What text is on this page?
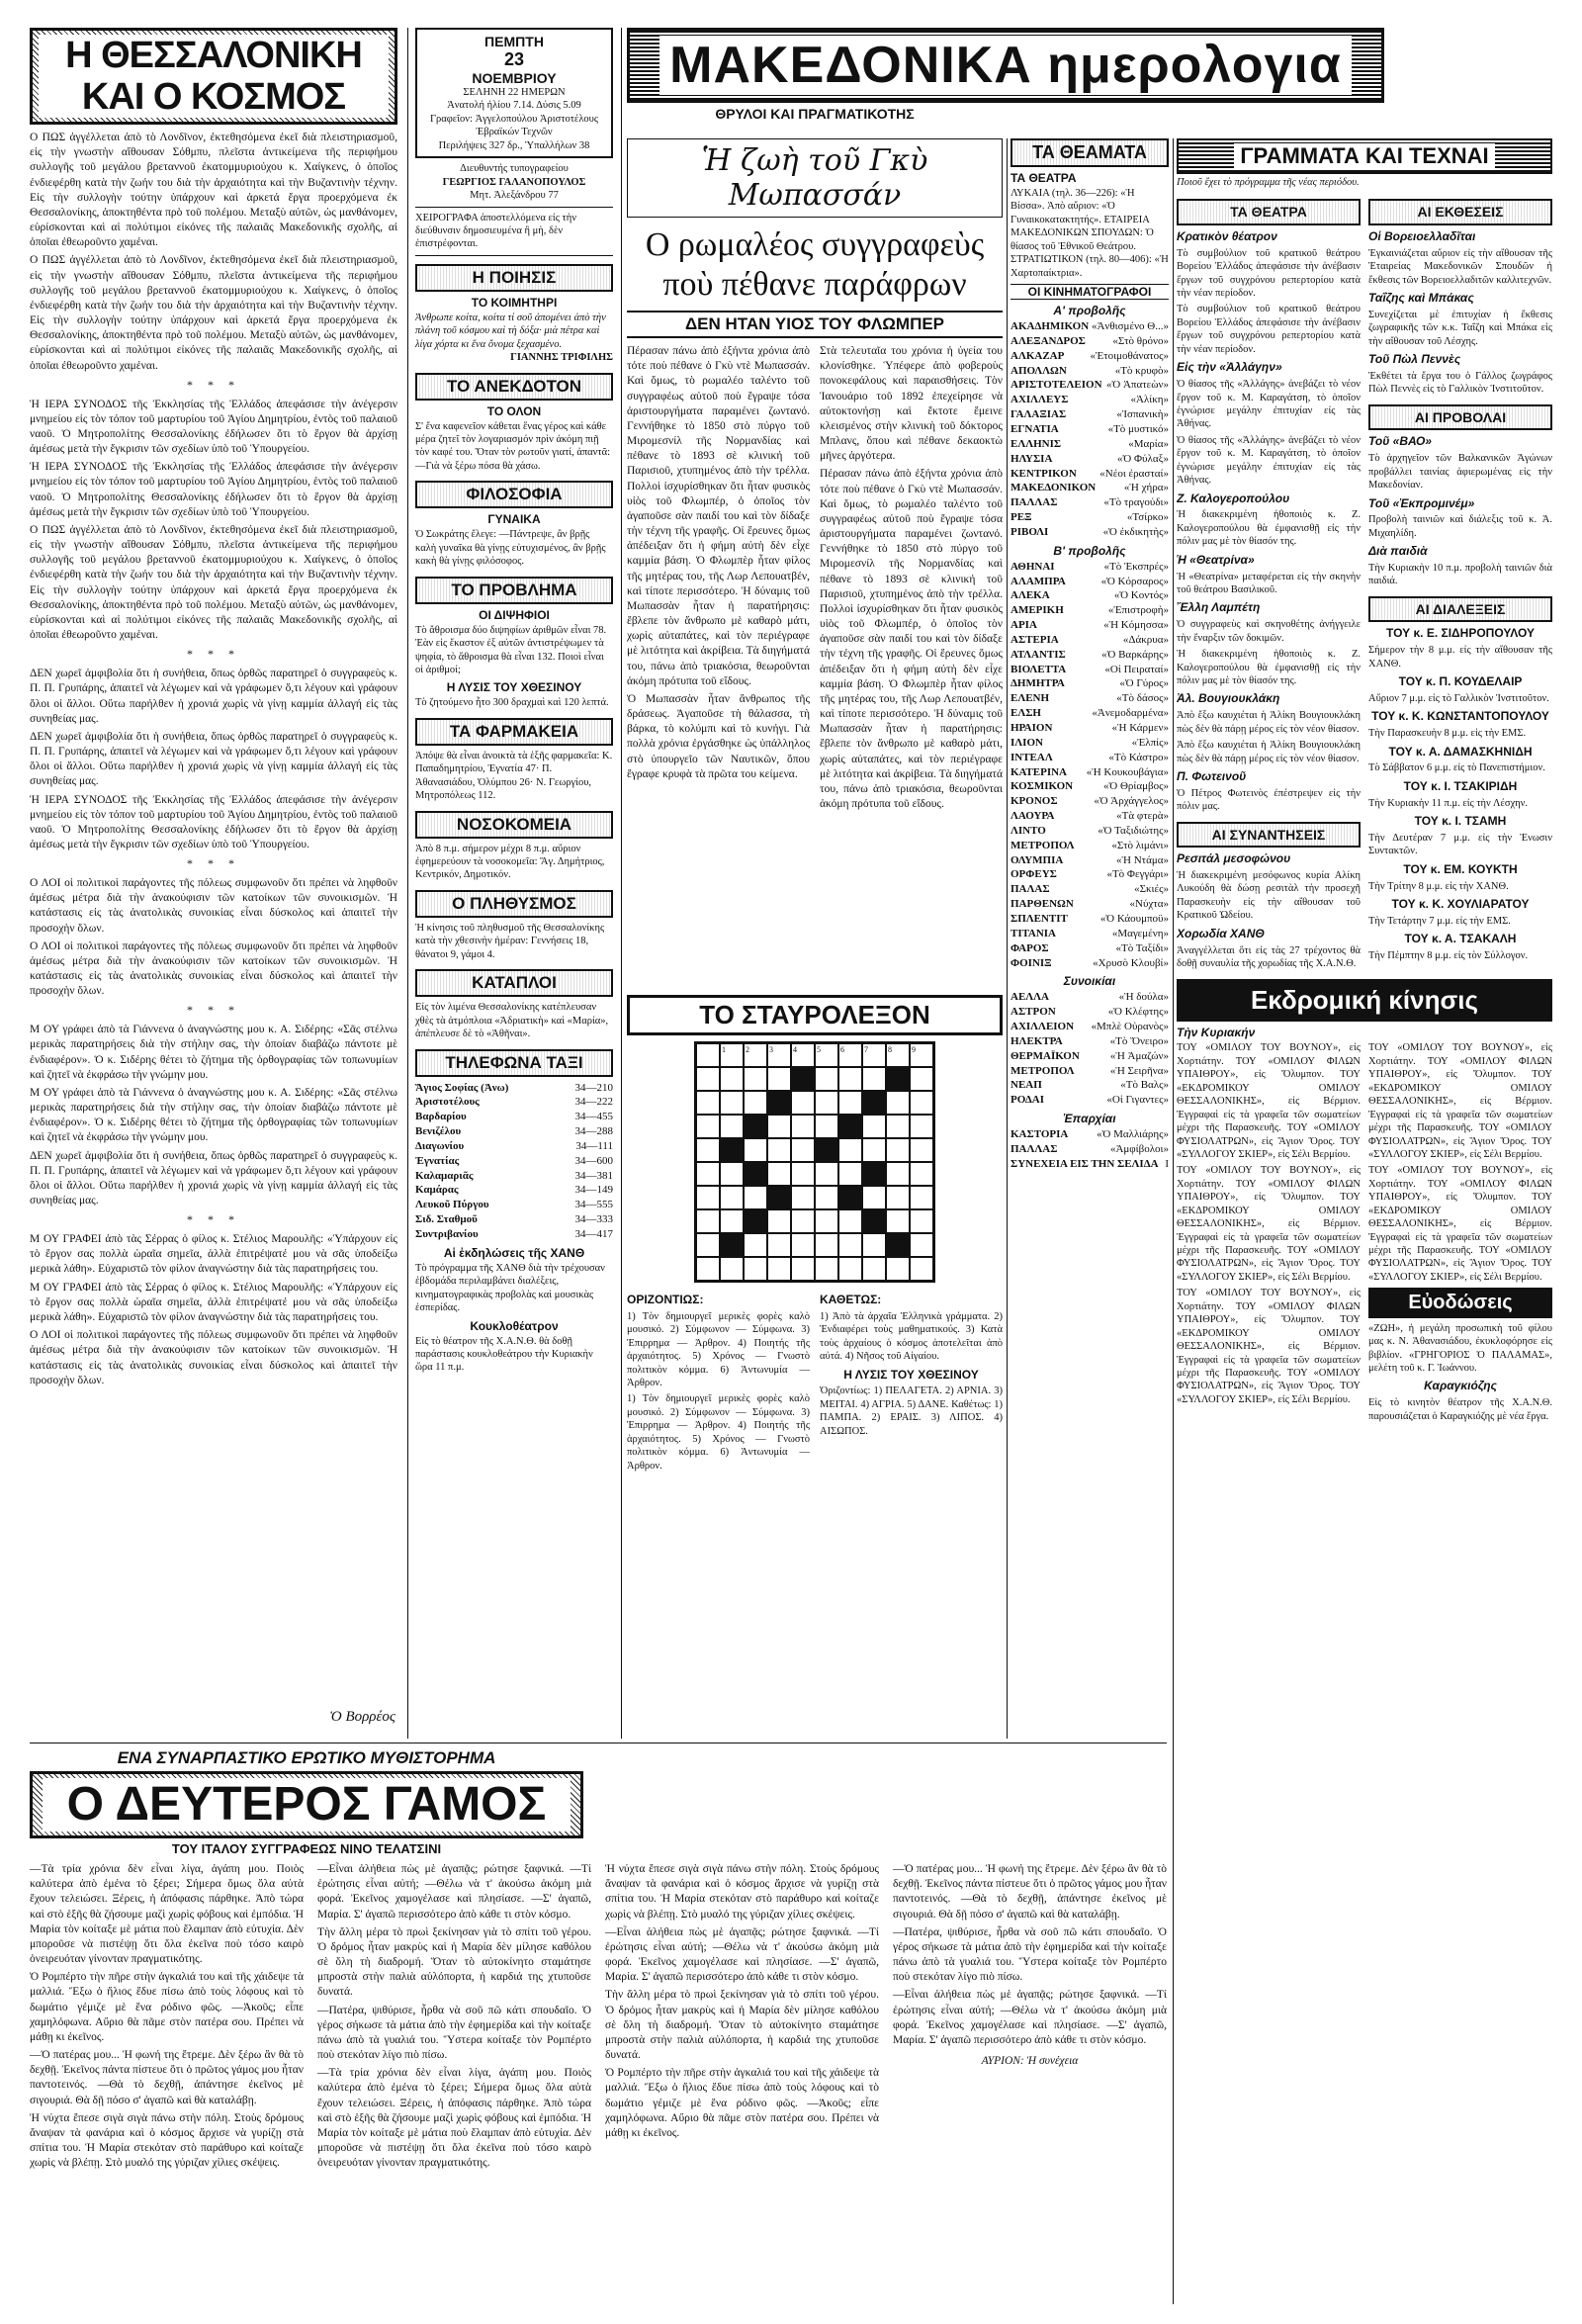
Η ΘΕΣΣΑΛΟΝΙΚΗ
ΚΑΙ Ο ΚΟΣΜΟΣ

Ο ΠΩΣ ἀγγέλλεται ἀπὸ τὸ Λονδῖνον, ἐκτεθησόμενα ἐκεῖ διὰ πλειστηριασμοῦ, εἰς τὴν γνωστὴν αἴθουσαν Σόθμπυ, πλεῖστα ἀντικείμενα τῆς περιφήμου συλλογῆς τοῦ μεγάλου βρεταννοῦ ἐκατομμυριούχου κ. Χαίγκενς, ὁ ὁποῖος ἐνδιεφέρθη κατὰ τὴν ζωήν του διὰ τὴν ἀρχαιότητα καὶ τὴν Βυζαντινὴν τέχνην. Εἰς τὴν συλλογὴν τούτην ὑπάρχουν καὶ ἀρκετά ἔργα προερχόμενα ἐκ Θεσσαλονίκης, ἀποκτηθέντα πρὸ τοῦ πολέμου. Μεταξὺ αὐτῶν, ὡς μανθάνομεν, εὑρίσκονται καὶ αἱ πολύτιμοι εἰκόνες τῆς παλαιᾶς Μακεδονικῆς σχολῆς, αἱ ὁποῖαι ἐθεωροῦντο χαμέναι.

Ο ΠΩΣ ἀγγέλλεται ἀπὸ τὸ Λονδῖνον, ἐκτεθησόμενα ἐκεῖ διὰ πλειστηριασμοῦ, εἰς τὴν γνωστὴν αἴθουσαν Σόθμπυ, πλεῖστα ἀντικείμενα τῆς περιφήμου συλλογῆς τοῦ μεγάλου βρεταννοῦ ἐκατομμυριούχου κ. Χαίγκενς, ὁ ὁποῖος ἐνδιεφέρθη κατὰ τὴν ζωήν του διὰ τὴν ἀρχαιότητα καὶ τὴν Βυζαντινὴν τέχνην. Εἰς τὴν συλλογὴν τούτην ὑπάρχουν καὶ ἀρκετά ἔργα προερχόμενα ἐκ Θεσσαλονίκης, ἀποκτηθέντα πρὸ τοῦ πολέμου. Μεταξὺ αὐτῶν, ὡς μανθάνομεν, εὑρίσκονται καὶ αἱ πολύτιμοι εἰκόνες τῆς παλαιᾶς Μακεδονικῆς σχολῆς, αἱ ὁποῖαι ἐθεωροῦντο χαμέναι.

* * *

Ἡ ΙΕΡΑ ΣΥΝΟΔΟΣ τῆς Ἐκκλησίας τῆς Ἑλλάδος ἀπεφάσισε τὴν ἀνέγερσιν μνημείου εἰς τὸν τόπον τοῦ μαρτυρίου τοῦ Ἁγίου Δημητρίου, ἐντὸς τοῦ παλαιοῦ ναοῦ. Ὁ Μητροπολίτης Θεσσαλονίκης ἐδήλωσεν ὅτι τὸ ἔργον θὰ ἀρχίσῃ ἀμέσως μετὰ τὴν ἔγκρισιν τῶν σχεδίων ὑπὸ τοῦ Ὑπουργείου.

Ἡ ΙΕΡΑ ΣΥΝΟΔΟΣ τῆς Ἐκκλησίας τῆς Ἑλλάδος ἀπεφάσισε τὴν ἀνέγερσιν μνημείου εἰς τὸν τόπον τοῦ μαρτυρίου τοῦ Ἁγίου Δημητρίου, ἐντὸς τοῦ παλαιοῦ ναοῦ. Ὁ Μητροπολίτης Θεσσαλονίκης ἐδήλωσεν ὅτι τὸ ἔργον θὰ ἀρχίσῃ ἀμέσως μετὰ τὴν ἔγκρισιν τῶν σχεδίων ὑπὸ τοῦ Ὑπουργείου.

Ο ΠΩΣ ἀγγέλλεται ἀπὸ τὸ Λονδῖνον, ἐκτεθησόμενα ἐκεῖ διὰ πλειστηριασμοῦ, εἰς τὴν γνωστὴν αἴθουσαν Σόθμπυ, πλεῖστα ἀντικείμενα τῆς περιφήμου συλλογῆς τοῦ μεγάλου βρεταννοῦ ἐκατομμυριούχου κ. Χαίγκενς, ὁ ὁποῖος ἐνδιεφέρθη κατὰ τὴν ζωήν του διὰ τὴν ἀρχαιότητα καὶ τὴν Βυζαντινὴν τέχνην. Εἰς τὴν συλλογὴν τούτην ὑπάρχουν καὶ ἀρκετά ἔργα προερχόμενα ἐκ Θεσσαλονίκης, ἀποκτηθέντα πρὸ τοῦ πολέμου. Μεταξὺ αὐτῶν, ὡς μανθάνομεν, εὑρίσκονται καὶ αἱ πολύτιμοι εἰκόνες τῆς παλαιᾶς Μακεδονικῆς σχολῆς, αἱ ὁποῖαι ἐθεωροῦντο χαμέναι.

* * *

ΔΕΝ χωρεῖ ἀμφιβολία ὅτι ἡ συνήθεια, ὅπως ὀρθῶς παρατηρεῖ ὁ συγγραφεὺς κ. Π. Π. Γρυπάρης, ἀπαιτεῖ νὰ λέγωμεν καὶ νὰ γράφωμεν ὅ,τι λέγουν καὶ γράφουν ὅλοι οἱ ἄλλοι. Οὕτω παρήλθεν ἡ χρονιά χωρὶς νὰ γίνῃ καμμία ἀλλαγή εἰς τὰς συνηθείας μας.

ΔΕΝ χωρεῖ ἀμφιβολία ὅτι ἡ συνήθεια, ὅπως ὀρθῶς παρατηρεῖ ὁ συγγραφεὺς κ. Π. Π. Γρυπάρης, ἀπαιτεῖ νὰ λέγωμεν καὶ νὰ γράφωμεν ὅ,τι λέγουν καὶ γράφουν ὅλοι οἱ ἄλλοι. Οὕτω παρήλθεν ἡ χρονιά χωρὶς νὰ γίνῃ καμμία ἀλλαγή εἰς τὰς συνηθείας μας.

Ἡ ΙΕΡΑ ΣΥΝΟΔΟΣ τῆς Ἐκκλησίας τῆς Ἑλλάδος ἀπεφάσισε τὴν ἀνέγερσιν μνημείου εἰς τὸν τόπον τοῦ μαρτυρίου τοῦ Ἁγίου Δημητρίου, ἐντὸς τοῦ παλαιοῦ ναοῦ. Ὁ Μητροπολίτης Θεσσαλονίκης ἐδήλωσεν ὅτι τὸ ἔργον θὰ ἀρχίσῃ ἀμέσως μετὰ τὴν ἔγκρισιν τῶν σχεδίων ὑπὸ τοῦ Ὑπουργείου.

* * *

Ο ΛΟΙ οἱ πολιτικοὶ παράγοντες τῆς πόλεως συμφωνοῦν ὅτι πρέπει νὰ ληφθοῦν ἀμέσως μέτρα διὰ τὴν ἀνακούφισιν τῶν κατοίκων τῶν συνοικισμῶν. Ἡ κατάστασις εἰς τὰς ἀνατολικὰς συνοικίας εἶναι δύσκολος καὶ ἀπαιτεῖ τὴν προσοχὴν ὅλων.

Ο ΛΟΙ οἱ πολιτικοὶ παράγοντες τῆς πόλεως συμφωνοῦν ὅτι πρέπει νὰ ληφθοῦν ἀμέσως μέτρα διὰ τὴν ἀνακούφισιν τῶν κατοίκων τῶν συνοικισμῶν. Ἡ κατάστασις εἰς τὰς ἀνατολικὰς συνοικίας εἶναι δύσκολος καὶ ἀπαιτεῖ τὴν προσοχὴν ὅλων.

* * *

Μ ΟΥ γράφει ἀπὸ τὰ Γιάννενα ὁ ἀναγνώστης μου κ. Α. Σιδέρης: «Σᾶς στέλνω μερικὰς παρατηρήσεις διὰ τὴν στήλην σας, τὴν ὁποίαν διαβάζω πάντοτε μὲ ἐνδιαφέρον». Ὁ κ. Σιδέρης θέτει τὸ ζήτημα τῆς ὀρθογραφίας τῶν τοπωνυμίων καὶ ζητεῖ νὰ ἐκφράσω τὴν γνώμην μου.

Μ ΟΥ γράφει ἀπὸ τὰ Γιάννενα ὁ ἀναγνώστης μου κ. Α. Σιδέρης: «Σᾶς στέλνω μερικὰς παρατηρήσεις διὰ τὴν στήλην σας, τὴν ὁποίαν διαβάζω πάντοτε μὲ ἐνδιαφέρον». Ὁ κ. Σιδέρης θέτει τὸ ζήτημα τῆς ὀρθογραφίας τῶν τοπωνυμίων καὶ ζητεῖ νὰ ἐκφράσω τὴν γνώμην μου.

ΔΕΝ χωρεῖ ἀμφιβολία ὅτι ἡ συνήθεια, ὅπως ὀρθῶς παρατηρεῖ ὁ συγγραφεὺς κ. Π. Π. Γρυπάρης, ἀπαιτεῖ νὰ λέγωμεν καὶ νὰ γράφωμεν ὅ,τι λέγουν καὶ γράφουν ὅλοι οἱ ἄλλοι. Οὕτω παρήλθεν ἡ χρονιά χωρὶς νὰ γίνῃ καμμία ἀλλαγή εἰς τὰς συνηθείας μας.

* * *

Μ ΟΥ ΓΡΑΦΕΙ ἀπὸ τὰς Σέρρας ὁ φίλος κ. Στέλιος Μαρουλῆς: «Ὑπάρχουν εἰς τὸ ἔργον σας πολλὰ ὡραῖα σημεῖα, ἀλλὰ ἐπιτρέψατέ μου νὰ σᾶς ὑποδείξω μερικὰ λάθη». Εὐχαριστῶ τὸν φίλον ἀναγνώστην διὰ τὰς παρατηρήσεις του.

Μ ΟΥ ΓΡΑΦΕΙ ἀπὸ τὰς Σέρρας ὁ φίλος κ. Στέλιος Μαρουλῆς: «Ὑπάρχουν εἰς τὸ ἔργον σας πολλὰ ὡραῖα σημεῖα, ἀλλὰ ἐπιτρέψατέ μου νὰ σᾶς ὑποδείξω μερικὰ λάθη». Εὐχαριστῶ τὸν φίλον ἀναγνώστην διὰ τὰς παρατηρήσεις του.

Ο ΛΟΙ οἱ πολιτικοὶ παράγοντες τῆς πόλεως συμφωνοῦν ὅτι πρέπει νὰ ληφθοῦν ἀμέσως μέτρα διὰ τὴν ἀνακούφισιν τῶν κατοίκων τῶν συνοικισμῶν. Ἡ κατάστασις εἰς τὰς ἀνατολικὰς συνοικίας εἶναι δύσκολος καὶ ἀπαιτεῖ τὴν προσοχὴν ὅλων.

Ὁ Βορρέος
ΠΕΜΠΤΗ
23
ΝΟΕΜΒΡΙΟΥ
ΣΕΛΗΝΗ 22 ΗΜΕΡΩΝ
Ἀνατολή ἡλίου 7.14. Δύσις 5.09
Γραφεῖον: Ἀγγελοπούλου Ἀριστοτέλους Ἑβραϊκών Τεχνῶν
Περιλήψεις 327 δρ., Ὑπαλλήλων 38
Διευθυντής τυπογραφείου
ΓΕΩΡΓΙΟΣ ΓΑΛΑΝΟΠΟΥΛΟΣ
Μητ. Ἀλεξάνδρου 77
ΧΕΙΡΟΓΡΑΦΑ ἀποστελλόμενα εἰς τὴν διεύθυνσιν δημοσιευμένα ἢ μὴ, δὲν ἐπιστρέφονται.
Η ΠΟΙΗΣΙΣ
ΤΟ ΚΟΙΜΗΤΗΡΙ
Ἀνθρωπε κοίτα, κοίτα τί σοῦ ἀπομένει ἀπὸ τὴν πλάνη τοῦ κόσμου καὶ τὴ δόξα· μιὰ πέτρα καὶ λίγα χόρτα κι ἕνα ὄνομα ξεχασμένο.
ΓΙΑΝΝΗΣ ΤΡΙΦΙΛΗΣ
ΤΟ ΑΝΕΚΔΟΤΟΝ
ΤΟ ΟΛΟΝ
Σ' ἕνα καφενεῖον κάθεται ἕνας γέρος καὶ κάθε μέρα ζητεῖ τὸν λογαριασμόν πρὶν ἀκόμη πιῇ τὸν καφέ του. Ὅταν τὸν ρωτοῦν γιατί, ἀπαντᾶ: —Γιὰ νὰ ξέρω πόσα θὰ χάσω.
ΦΙΛΟΣΟΦΙΑ
ΓΥΝΑΙΚΑ
Ὁ Σωκράτης ἔλεγε: —Πάντρεψε, ἂν βρῇς καλὴ γυναῖκα θὰ γίνῃς εὐτυχισμένος, ἂν βρῇς κακὴ θὰ γίνῃς φιλόσοφος.
ΤΟ ΠΡΟΒΛΗΜΑ
ΟΙ ΔΙΨΗΦΙΟΙ
Τὸ ἄθροισμα δύο διψηφίων ἀριθμῶν εἶναι 78. Ἐὰν εἰς ἕκαστον ἐξ αὐτῶν ἀντιστρέψωμεν τὰ ψηφία, τὸ ἄθροισμα θὰ εἶναι 132. Ποιοὶ εἶναι οἱ ἀριθμοί;
Η ΛΥΣΙΣ ΤΟΥ ΧΘΕΣΙΝΟΥ
Τὸ ζητούμενο ἦτο 300 δραχμαὶ καὶ 120 λεπτά.
ΤΑ ΦΑΡΜΑΚΕΙΑ
Ἀπόψε θὰ εἶναι ἀνοικτὰ τὰ ἑξῆς φαρμακεῖα: Κ. Παπαδημητρίου, Ἐγνατία 47· Π. Ἀθανασιάδου, Ὀλύμπου 26· Ν. Γεωργίου, Μητροπόλεως 112.
ΝΟΣΟΚΟΜΕΙΑ
Ἀπὸ 8 π.μ. σήμερον μέχρι 8 π.μ. αὔριον ἐφημερεύουν τὰ νοσοκομεῖα: Ἅγ. Δημήτριος, Κεντρικόν, Δημοτικόν.
Ο ΠΛΗΘΥΣΜΟΣ
Ἡ κίνησις τοῦ πληθυσμοῦ τῆς Θεσσαλονίκης κατὰ τὴν χθεσινὴν ἡμέραν: Γεννήσεις 18, θάνατοι 9, γάμοι 4.
ΚΑΤΑΠΛΟΙ
Εἰς τὸν λιμένα Θεσσαλονίκης κατέπλευσαν χθὲς τὰ ἀτμόπλοια «Ἀδριατικὴ» καὶ «Μαρία», ἀπέπλευσε δὲ τὸ «Ἀθῆναι».
ΤΗΛΕΦΩΝΑ ΤΑΞΙ
Ἅγιος Σοφίας (Ἀνω)	34—210
Ἀριστοτέλους	34—222
Βαρδαρίου	34—455
Βενιζέλου	34—288
Διαγωνίου	34—111
Ἐγνατίας	34—600
Καλαμαριᾶς	34—381
Καμάρας	34—149
Λευκοῦ Πύργου	34—555
Σιδ. Σταθμοῦ	34—333
Συντριβανίου	34—417
Αἱ ἐκδηλώσεις τῆς ΧΑΝΘ
Τὸ πρόγραμμα τῆς ΧΑΝΘ διὰ τὴν τρέχουσαν ἑβδομάδα περιλαμβάνει διαλέξεις, κινηματογραφικὰς προβολὰς καὶ μουσικὰς ἑσπερίδας.
Κουκλοθέατρον
Εἰς τὸ θέατρον τῆς Χ.Α.Ν.Θ. θὰ δοθῇ παράστασις κουκλοθεάτρου τὴν Κυριακὴν ὥρα 11 π.μ.
ΜΑΚΕΔΟΝΙΚΑ ημερολογια
ΘΡΥΛΟΙ ΚΑΙ ΠΡΑΓΜΑΤΙΚΟΤΗΣ
Ἡ ζωὴ τοῦ Γκὺ Μωπασσάν
Ο ρωμαλέος συγγραφεὺς
ποὺ πέθανε παράφρων
ΔΕΝ ΗΤΑΝ ΥΙΟΣ ΤΟΥ ΦΛΩΜΠΕΡ

Πέρασαν πάνω ἀπὸ ἑξήντα χρόνια ἀπὸ τότε ποὺ πέθανε ὁ Γκὺ ντὲ Μωπασσάν. Καὶ ὅμως, τὸ ρωμαλέο ταλέντο τοῦ συγγραφέως αὐτοῦ ποὺ ἔγραψε τόσα ἀριστουργήματα παραμένει ζωντανό. Γεννήθηκε τὸ 1850 στὸ πύργο τοῦ Μιρομεσνίλ τῆς Νορμανδίας καὶ πέθανε τὸ 1893 σὲ κλινική τοῦ Παρισιοῦ, χτυπημένος ἀπὸ τὴν τρέλλα. Πολλοὶ ἰσχυρίσθηκαν ὅτι ἦταν φυσικὸς υἱὸς τοῦ Φλωμπέρ, ὁ ὁποῖος τὸν ἀγαποῦσε σὰν παιδί του καὶ τὸν δίδαξε τὴν τέχνη τῆς γραφῆς. Οἱ ἔρευνες ὅμως ἀπέδειξαν ὅτι ἡ φήμη αὐτὴ δὲν εἶχε καμμία βάση. Ὁ Φλωμπὲρ ἦταν φίλος τῆς μητέρας του, τῆς Λωρ Λεπουατβέν, καὶ τίποτε περισσότερο. Ἡ δύναμις τοῦ Μωπασσὰν ἦταν ἡ παρατήρησις: ἔβλεπε τὸν ἄνθρωπο μὲ καθαρὸ μάτι, χωρὶς αὐταπάτες, καὶ τὸν περιέγραφε μὲ λιτότητα καὶ ἀκρίβεια. Τὰ διηγήματά του, πάνω ἀπὸ τριακόσια, θεωροῦνται ἀκόμη πρότυπα τοῦ εἴδους.

Ὁ Μωπασσὰν ἦταν ἄνθρωπος τῆς δράσεως. Ἀγαποῦσε τὴ θάλασσα, τὴ βάρκα, τὸ κολύμπι καὶ τὸ κυνήγι. Γιὰ πολλὰ χρόνια ἐργάσθηκε ὡς ὑπάλληλος στὸ ὑπουργεῖο τῶν Ναυτικῶν, ὅπου ἔγραφε κρυφὰ τὰ πρῶτα του κείμενα.

Στὰ τελευταῖα του χρόνια ἡ ὑγεία του κλονίσθηκε. Ὑπέφερε ἀπὸ φοβεροὺς πονοκεφάλους καὶ παραισθήσεις. Τὸν Ἰανουάριο τοῦ 1892 ἐπεχείρησε νὰ αὐτοκτονήσῃ καὶ ἔκτοτε ἔμεινε κλεισμένος στὴν κλινικὴ τοῦ δόκτορος Μπλανς, ὅπου καὶ πέθανε δεκαοκτὼ μῆνες ἀργότερα.

Πέρασαν πάνω ἀπὸ ἑξήντα χρόνια ἀπὸ τότε ποὺ πέθανε ὁ Γκὺ ντὲ Μωπασσάν. Καὶ ὅμως, τὸ ρωμαλέο ταλέντο τοῦ συγγραφέως αὐτοῦ ποὺ ἔγραψε τόσα ἀριστουργήματα παραμένει ζωντανό. Γεννήθηκε τὸ 1850 στὸ πύργο τοῦ Μιρομεσνίλ τῆς Νορμανδίας καὶ πέθανε τὸ 1893 σὲ κλινική τοῦ Παρισιοῦ, χτυπημένος ἀπὸ τὴν τρέλλα. Πολλοὶ ἰσχυρίσθηκαν ὅτι ἦταν φυσικὸς υἱὸς τοῦ Φλωμπέρ, ὁ ὁποῖος τὸν ἀγαποῦσε σὰν παιδί του καὶ τὸν δίδαξε τὴν τέχνη τῆς γραφῆς. Οἱ ἔρευνες ὅμως ἀπέδειξαν ὅτι ἡ φήμη αὐτὴ δὲν εἶχε καμμία βάση. Ὁ Φλωμπὲρ ἦταν φίλος τῆς μητέρας του, τῆς Λωρ Λεπουατβέν, καὶ τίποτε περισσότερο. Ἡ δύναμις τοῦ Μωπασσὰν ἦταν ἡ παρατήρησις: ἔβλεπε τὸν ἄνθρωπο μὲ καθαρὸ μάτι, χωρὶς αὐταπάτες, καὶ τὸν περιέγραφε μὲ λιτότητα καὶ ἀκρίβεια. Τὰ διηγήματά του, πάνω ἀπὸ τριακόσια, θεωροῦνται ἀκόμη πρότυπα τοῦ εἴδους.

ΤΟ ΣΤΑΥΡΟΛΕΞΟΝ
1	2	3	4	5	6	7	8	9
ΟΡΙΖΟΝΤΙΩΣ:

1) Τὸν δημιουργεῖ μερικὲς φορὲς καλὸ μουσικό. 2) Σύμφωνον — Σύμφωνα. 3) Ἐπιρρημα — Ἀρθρον. 4) Ποιητής τῆς ἀρχαιότητος. 5) Χρόνος — Γνωστὸ πολιτικὸν κόμμα. 6) Ἀντωνυμία — Ἀρθρον.

1) Τὸν δημιουργεῖ μερικὲς φορὲς καλὸ μουσικό. 2) Σύμφωνον — Σύμφωνα. 3) Ἐπιρρημα — Ἀρθρον. 4) Ποιητής τῆς ἀρχαιότητος. 5) Χρόνος — Γνωστὸ πολιτικὸν κόμμα. 6) Ἀντωνυμία — Ἀρθρον.

ΚΑΘΕΤΩΣ:

1) Ἀπὸ τὰ ἀρχαῖα Ἑλληνικὰ γράμματα. 2) Ἐνδιαφέρει τοὺς μαθηματικούς. 3) Κατὰ τοὺς ἀρχαίους ὁ κόσμος ἀποτελεῖται ἀπὸ αὐτά. 4) Νῆσος τοῦ Αἰγαίου.

Η ΛΥΣΙΣ ΤΟΥ ΧΘΕΣΙΝΟΥ

Ὁριζοντίως: 1) ΠΕΛΑΓΕΤΑ. 2) ΑΡΝΙΑ. 3) ΜΕΙΤΑΙ. 4) ΑΓΡΙΑ. 5) ΔΑΝΕ. Καθέτως: 1) ΠΑΜΠΑ. 2) ΕΡΑΙΣ. 3) ΛΙΠΟΣ. 4) ΑΙΣΩΠΟΣ.

ΤΑ ΘΕΑΜΑΤΑ
ΤΑ ΘΕΑΤΡΑ
ΛΥΚΑΙΑ (τηλ. 36—226): «Ἡ Βίσσα». Ἀπὸ αὔριον: «Ὁ Γυναικοκατακτητής». ΕΤΑΙΡΕΙΑ ΜΑΚΕΔΟΝΙΚΩΝ ΣΠΟΥΔΩΝ: Ὁ θίασος τοῦ Ἐθνικοῦ Θεάτρου. ΣΤΡΑΤΙΩΤΙΚΟΝ (τηλ. 80—406): «Ἡ Χαρτοπαίκτρια».
ΟΙ ΚΙΝΗΜΑΤΟΓΡΑΦΟΙ
Α' προβολῆς
ΑΚΑΔΗΜΙΚΟΝ «Ἀνθισμένο Θ...»
ΑΛΕΞΑΝΔΡΟΣ	«Στὸ θρόνο»
ΑΛΚΑΖΑΡ «Ἑτοιμοθάνατος»
ΑΠΟΛΛΩΝ	«Τὸ κρυφὸ»
ΑΡΙΣΤΟΤΕΛΕΙΟΝ «Ὁ Ἀπατεὼν»
ΑΧΙΛΛΕΥΣ	«Ἀλίκη»
ΓΑΛΑΞΙΑΣ	«Ἰσπανικὴ»
ΕΓΝΑΤΙΑ	«Τὸ μυστικό»
ΕΛΛΗΝΙΣ	«Μαρία»
ΗΛΥΣΙΑ	«Ὁ Φύλαξ»
ΚΕΝΤΡΙΚΟΝ «Νέοι ἐρασταί»
ΜΑΚΕΔΟΝΙΚΟΝ	«Ἡ χήρα»
ΠΑΛΛΑΣ	«Τὸ τραγούδι»
ΡΕΞ	«Τσίρκο»
ΡΙΒΟΛΙ	«Ὁ ἐκδικητὴς»
Β' προβολῆς
ΑΘΗΝΑΙ	«Τὸ Ἐκσπρές»
ΑΛΑΜΠΡΑ	«Ὁ Κόρσαρος»
ΑΛΕΚΑ	«Ὁ Κοντός»
ΑΜΕΡΙΚΗ	«Ἐπιστροφὴ»
ΑΡΙΑ	«Ἡ Κόμησσα»
ΑΣΤΕΡΙΑ	«Δάκρυα»
ΑΤΛΑΝΤΙΣ	«Ὁ Βαρκάρης»
ΒΙΟΛΕΤΤΑ	«Οἱ Πειραταί»
ΔΗΜΗΤΡΑ	«Ὁ Γύρος»
ΕΛΕΝΗ	«Τὸ δάσος»
ΕΛΣΗ	«Ἀνεμοδαρμένα»
ΗΡΑΙΟΝ	«Ἡ Κάρμεν»
ΙΛΙΟΝ	«Ἐλπίς»
ΙΝΤΕΑΛ	«Τὸ Κάστρο»
ΚΑΤΕΡΙΝΑ «Ἡ Κουκουβάγια»
ΚΟΣΜΙΚΟΝ	«Ὁ Θρίαμβος»
ΚΡΟΝΟΣ	«Ὁ Ἀρχάγγελος»
ΛΑΟΥΡΑ	«Τὰ φτερὰ»
ΛΙΝΤΟ	«Ὁ Ταξιδιώτης»
ΜΕΤΡΟΠΟΛ	«Στὸ λιμάνι»
ΟΛΥΜΠΙΑ	«Ἡ Ντάμα»
ΟΡΦΕΥΣ	«Τὸ Φεγγάρι»
ΠΑΛΑΣ	«Σκιές»
ΠΑΡΘΕΝΩΝ	«Νύχτα»
ΣΠΛΕΝΤΙΤ	«Ὁ Κάουμποϋ»
ΤΙΤΑΝΙΑ	«Μαγεμένη»
ΦΑΡΟΣ	«Τὸ Ταξίδι»
ΦΟΙΝΙΞ	«Χρυσὸ Κλουβί»
Συνοικίαι
ΑΕΛΛΑ	«Ἡ δούλα»
ΑΣΤΡΟΝ	«Ὁ Κλέφτης»
ΑΧΙΛΛΕΙΟΝ «Μπλὲ Οὐρανὸς»
ΗΛΕΚΤΡΑ	«Τὸ Ὄνειρο»
ΘΕΡΜΑΪΚΟΝ	«Ἡ Ἀμαζών»
ΜΕΤΡΟΠΟΛ	«Ἡ Σειρῆνα»
ΝΕΑΠ	«Τὸ Βαλς»
ΡΟΔΑΙ	«Οἱ Γιγαντες»
Ἐπαρχίαι
ΚΑΣΤΟΡΙΑ	«Ὁ Μαλλιάρης»
ΠΑΛΛΑΣ	«Ἀμφίβολοι»
ΣΥΝΕΧΕΙΑ ΕΙΣ ΤΗΝ ΣΕΛΙΔΑ Ι
ΓΡΑΜΜΑΤΑ ΚΑΙ ΤΕΧΝΑΙ
Ποιοῦ ἔχει τὸ πρόγραμμα τῆς νέας περιόδου.
ΤΑ ΘΕΑΤΡΑ
Κρατικὸν θέατρον

Τὸ συμβούλιον τοῦ κρατικοῦ θεάτρου Βορείου Ἑλλάδος ἀπεφάσισε τὴν ἀνέβασιν ἔργων τοῦ συγχρόνου ρεπερτορίου κατὰ τὴν νέαν περίοδον.

Τὸ συμβούλιον τοῦ κρατικοῦ θεάτρου Βορείου Ἑλλάδος ἀπεφάσισε τὴν ἀνέβασιν ἔργων τοῦ συγχρόνου ρεπερτορίου κατὰ τὴν νέαν περίοδον.

Εἰς τὴν «Ἀλλάγην»

Ὁ θίασος τῆς «Ἀλλάγης» ἀνεβάζει τὸ νέον ἔργον τοῦ κ. Μ. Καραγάτση, τὸ ὁποῖον ἐγνώρισε μεγάλην ἐπιτυχίαν εἰς τὰς Ἀθήνας.

Ὁ θίασος τῆς «Ἀλλάγης» ἀνεβάζει τὸ νέον ἔργον τοῦ κ. Μ. Καραγάτση, τὸ ὁποῖον ἐγνώρισε μεγάλην ἐπιτυχίαν εἰς τὰς Ἀθήνας.

Ζ. Καλογεροπούλου

Ἡ διακεκριμένη ἠθοποιὸς κ. Ζ. Καλογεροπούλου θὰ ἐμφανισθῇ εἰς τὴν πόλιν μας μὲ τὸν θίασόν της.

Ἡ «Θεατρίνα»

Ἡ «Θεατρίνα» μεταφέρεται εἰς τὴν σκηνὴν τοῦ θεάτρου Βασιλικοῦ.

Ἕλλη Λαμπέτη

Ὁ συγγραφεὺς καὶ σκηνοθέτης ἀνήγγειλε τὴν ἔναρξιν τῶν δοκιμῶν.

Ἡ διακεκριμένη ἠθοποιὸς κ. Ζ. Καλογεροπούλου θὰ ἐμφανισθῇ εἰς τὴν πόλιν μας μὲ τὸν θίασόν της.

Ἀλ. Βουγιουκλάκη

Ἀπὸ ἔξω καυχιέται ἡ Ἀλίκη Βουγιουκλάκη πὼς δὲν θὰ πάρῃ μέρος εἰς τὸν νέον θίασον.

Ἀπὸ ἔξω καυχιέται ἡ Ἀλίκη Βουγιουκλάκη πὼς δὲν θὰ πάρῃ μέρος εἰς τὸν νέον θίασον.

Π. Φωτεινοῦ

Ὁ Πέτρος Φωτεινὸς ἐπέστρεψεν εἰς τὴν πόλιν μας.

ΑΙ ΣΥΝΑΝΤΗΣΕΙΣ
Ρεσιτάλ μεσοφώνου

Ἡ διακεκριμένη μεσόφωνος κυρία Αλίκη Λυκούδη θὰ δώσῃ ρεσιτὰλ τὴν προσεχῆ Παρασκευὴν εἰς τὴν αἴθουσαν τοῦ Κρατικοῦ Ὠδείου.

Χορωδία ΧΑΝΘ

Ἀναγγέλλεται ὅτι εἰς τὰς 27 τρέχοντος θὰ δοθῇ συναυλία τῆς χορωδίας τῆς Χ.Α.Ν.Θ.

ΑΙ ΕΚΘΕΣΕΙΣ
Οἱ Βορειοελλαδῖται

Ἐγκαινιάζεται αὔριον εἰς τὴν αἴθουσαν τῆς Ἑταιρείας Μακεδονικῶν Σπουδῶν ἡ ἔκθεσις τῶν Βορειοελλαδιτῶν καλλιτεχνῶν.

Ταΐζης καὶ Μπάκας

Συνεχίζεται μὲ ἐπιτυχίαν ἡ ἔκθεσις ζωγραφικῆς τῶν κ.κ. Ταΐζη καὶ Μπάκα εἰς τὴν αἴθουσαν τοῦ Λέσχης.

Τοῦ Πὼλ Πεννὲς

Ἐκθέτει τὰ ἔργα του ὁ Γάλλος ζωγράφος Πὼλ Πεννὲς εἰς τὸ Γαλλικὸν Ἰνστιτοῦτον.

ΑΙ ΠΡΟΒΟΛΑΙ
Τοῦ «ΒΑΟ»

Τὸ ἀρχηγεῖον τῶν Βαλκανικῶν Ἀγώνων προβάλλει ταινίας ἀφιερωμένας εἰς τὴν Μακεδονίαν.

Τοῦ «Ἐκπρομινέμ»

Προβολὴ ταινιῶν καὶ διάλεξις τοῦ κ. Ἀ. Μιχαηλίδη.

Διὰ παιδιὰ

Τὴν Κυριακὴν 10 π.μ. προβολὴ ταινιῶν διὰ παιδιά.

ΑΙ ΔΙΑΛΕΞΕΙΣ
ΤΟΥ κ. Ε. ΣΙΔΗΡΟΠΟΥΛΟΥ

Σήμερον τὴν 8 μ.μ. εἰς τὴν αἴθουσαν τῆς ΧΑΝΘ.

ΤΟΥ κ. Π. ΚΟΥΔΕΛΑΙΡ

Αὔριον 7 μ.μ. εἰς τὸ Γαλλικὸν Ἰνστιτοῦτον.

ΤΟΥ κ. Κ. ΚΩΝΣΤΑΝΤΟΠΟΥΛΟΥ

Τὴν Παρασκευὴν 8 μ.μ. εἰς τὴν ΕΜΣ.

ΤΟΥ κ. Α. ΔΑΜΑΣΚΗΝΙΔΗ

Τὸ Σάββατον 6 μ.μ. εἰς τὸ Πανεπιστήμιον.

ΤΟΥ κ. Ι. ΤΣΑΚΙΡΙΔΗ

Τὴν Κυριακὴν 11 π.μ. εἰς τὴν Λέσχην.

ΤΟΥ κ. Ι. ΤΣΑΜΗ

Τὴν Δευτέραν 7 μ.μ. εἰς τὴν Ἐνωσιν Συντακτῶν.

ΤΟΥ κ. ΕΜ. ΚΟΥΚΤΗ

Τὴν Τρίτην 8 μ.μ. εἰς τὴν ΧΑΝΘ.

ΤΟΥ κ. Κ. ΧΟΥΛΙΑΡΑΤΟΥ

Τὴν Τετάρτην 7 μ.μ. εἰς τὴν ΕΜΣ.

ΤΟΥ κ. Α. ΤΣΑΚΑΛΗ

Τὴν Πέμπτην 8 μ.μ. εἰς τὸν Σύλλογον.

Εκδρομική κίνησις
Τὴν Κυριακήν

ΤΟΥ «ΟΜΙΛΟΥ ΤΟΥ ΒΟΥΝΟΥ», εἰς Χορτιάτην. ΤΟΥ «ΟΜΙΛΟΥ ΦΙΛΩΝ ΥΠΑΙΘΡΟΥ», εἰς Ὄλυμπον. ΤΟΥ «ΕΚΔΡΟΜΙΚΟΥ ΟΜΙΛΟΥ ΘΕΣΣΑΛΟΝΙΚΗΣ», εἰς Βέρμιον. Ἐγγραφαὶ εἰς τὰ γραφεῖα τῶν σωματείων μέχρι τῆς Παρασκευῆς. ΤΟΥ «ΟΜΙΛΟΥ ΦΥΣΙΟΛΑΤΡΩΝ», εἰς Ἅγιον Ὄρος. ΤΟΥ «ΣΥΛΛΟΓΟΥ ΣΚΙΕΡ», εἰς Σέλι Βερμίου.

ΤΟΥ «ΟΜΙΛΟΥ ΤΟΥ ΒΟΥΝΟΥ», εἰς Χορτιάτην. ΤΟΥ «ΟΜΙΛΟΥ ΦΙΛΩΝ ΥΠΑΙΘΡΟΥ», εἰς Ὄλυμπον. ΤΟΥ «ΕΚΔΡΟΜΙΚΟΥ ΟΜΙΛΟΥ ΘΕΣΣΑΛΟΝΙΚΗΣ», εἰς Βέρμιον. Ἐγγραφαὶ εἰς τὰ γραφεῖα τῶν σωματείων μέχρι τῆς Παρασκευῆς. ΤΟΥ «ΟΜΙΛΟΥ ΦΥΣΙΟΛΑΤΡΩΝ», εἰς Ἅγιον Ὄρος. ΤΟΥ «ΣΥΛΛΟΓΟΥ ΣΚΙΕΡ», εἰς Σέλι Βερμίου.

ΤΟΥ «ΟΜΙΛΟΥ ΤΟΥ ΒΟΥΝΟΥ», εἰς Χορτιάτην. ΤΟΥ «ΟΜΙΛΟΥ ΦΙΛΩΝ ΥΠΑΙΘΡΟΥ», εἰς Ὄλυμπον. ΤΟΥ «ΕΚΔΡΟΜΙΚΟΥ ΟΜΙΛΟΥ ΘΕΣΣΑΛΟΝΙΚΗΣ», εἰς Βέρμιον. Ἐγγραφαὶ εἰς τὰ γραφεῖα τῶν σωματείων μέχρι τῆς Παρασκευῆς. ΤΟΥ «ΟΜΙΛΟΥ ΦΥΣΙΟΛΑΤΡΩΝ», εἰς Ἅγιον Ὄρος. ΤΟΥ «ΣΥΛΛΟΓΟΥ ΣΚΙΕΡ», εἰς Σέλι Βερμίου.

ΤΟΥ «ΟΜΙΛΟΥ ΤΟΥ ΒΟΥΝΟΥ», εἰς Χορτιάτην. ΤΟΥ «ΟΜΙΛΟΥ ΦΙΛΩΝ ΥΠΑΙΘΡΟΥ», εἰς Ὄλυμπον. ΤΟΥ «ΕΚΔΡΟΜΙΚΟΥ ΟΜΙΛΟΥ ΘΕΣΣΑΛΟΝΙΚΗΣ», εἰς Βέρμιον. Ἐγγραφαὶ εἰς τὰ γραφεῖα τῶν σωματείων μέχρι τῆς Παρασκευῆς. ΤΟΥ «ΟΜΙΛΟΥ ΦΥΣΙΟΛΑΤΡΩΝ», εἰς Ἅγιον Ὄρος. ΤΟΥ «ΣΥΛΛΟΓΟΥ ΣΚΙΕΡ», εἰς Σέλι Βερμίου.

ΤΟΥ «ΟΜΙΛΟΥ ΤΟΥ ΒΟΥΝΟΥ», εἰς Χορτιάτην. ΤΟΥ «ΟΜΙΛΟΥ ΦΙΛΩΝ ΥΠΑΙΘΡΟΥ», εἰς Ὄλυμπον. ΤΟΥ «ΕΚΔΡΟΜΙΚΟΥ ΟΜΙΛΟΥ ΘΕΣΣΑΛΟΝΙΚΗΣ», εἰς Βέρμιον. Ἐγγραφαὶ εἰς τὰ γραφεῖα τῶν σωματείων μέχρι τῆς Παρασκευῆς. ΤΟΥ «ΟΜΙΛΟΥ ΦΥΣΙΟΛΑΤΡΩΝ», εἰς Ἅγιον Ὄρος. ΤΟΥ «ΣΥΛΛΟΓΟΥ ΣΚΙΕΡ», εἰς Σέλι Βερμίου.

Εὐοδώσεις

«ΖΩΗ», ἡ μεγάλη προσωπικὴ τοῦ φίλου μας κ. Ν. Ἀθανασιάδου, ἐκυκλοφόρησε εἰς βιβλίον. «ΓΡΗΓΟΡΙΟΣ Ὁ ΠΑΛΑΜΑΣ», μελέτη τοῦ κ. Γ. Ἰωάννου.

Καραγκιόζης

Εἰς τὸ κινητὸν θέατρον τῆς Χ.Α.Ν.Θ. παρουσιάζεται ὁ Καραγκιόζης μὲ νέα ἔργα.

ΕΝΑ ΣΥΝΑΡΠΑΣΤΙΚΟ ΕΡΩΤΙΚΟ ΜΥΘΙΣΤΟΡΗΜΑ
Ο ΔΕΥΤΕΡΟΣ ΓΑΜΟΣ
ΤΟΥ ΙΤΑΛΟΥ ΣΥΓΓΡΑΦΕΩΣ ΝΙΝΟ ΤΕΛΑΤΣΙΝΙ

—Τὰ τρία χρόνια δὲν εἶναι λίγα, ἀγάπη μου. Ποιὸς καλύτερα ἀπὸ ἐμένα τὸ ξέρει; Σήμερα ὅμως ὅλα αὐτὰ ἔχουν τελειώσει. Ξέρεις, ἡ ἀπόφασις πάρθηκε. Ἀπὸ τώρα καὶ στὸ ἑξῆς θὰ ζήσουμε μαζὶ χωρὶς φόβους καὶ ἐμπόδια. Ἡ Μαρία τὸν κοίταξε μὲ μάτια ποὺ ἔλαμπαν ἀπὸ εὐτυχία. Δὲν μποροῦσε νὰ πιστέψῃ ὅτι ὅλα ἐκεῖνα ποὺ τόσο καιρὸ ὀνειρευόταν γίνονταν πραγματικότης.

Ὁ Ρομπέρτο τὴν πῆρε στὴν ἀγκαλιά του καὶ τῆς χάιδεψε τὰ μαλλιά. Ἔξω ὁ ἥλιος ἔδυε πίσω ἀπὸ τοὺς λόφους καὶ τὸ δωμάτιο γέμιζε μὲ ἕνα ρόδινο φῶς. —Ἀκοῦς; εἶπε χαμηλόφωνα. Αὔριο θὰ πᾶμε στὸν πατέρα σου. Πρέπει νὰ μάθῃ κι ἐκεῖνος.

—Ὁ πατέρας μου... Ἡ φωνή της ἔτρεμε. Δὲν ξέρω ἂν θὰ τὸ δεχθῇ. Ἐκεῖνος πάντα πίστευε ὅτι ὁ πρῶτος γάμος μου ἦταν παντοτεινός. —Θὰ τὸ δεχθῇ, ἀπάντησε ἐκεῖνος μὲ σιγουριά. Θὰ δῇ πόσο σ' ἀγαπῶ καὶ θὰ καταλάβῃ.

Ἡ νύχτα ἔπεσε σιγὰ σιγὰ πάνω στὴν πόλη. Στοὺς δρόμους ἄναψαν τὰ φανάρια καὶ ὁ κόσμος ἄρχισε νὰ γυρίζῃ στὰ σπίτια του. Ἡ Μαρία στεκόταν στὸ παράθυρο καὶ κοίταζε χωρὶς νὰ βλέπῃ. Στὸ μυαλό της γύριζαν χίλιες σκέψεις.

—Εἶναι ἀλήθεια πὼς μὲ ἀγαπᾷς; ρώτησε ξαφνικά. —Τί ἐρώτησις εἶναι αὐτή; —Θέλω νὰ τ' ἀκούσω ἀκόμη μιὰ φορά. Ἐκεῖνος χαμογέλασε καὶ πλησίασε. —Σ' ἀγαπῶ, Μαρία. Σ' ἀγαπῶ περισσότερο ἀπὸ κάθε τι στὸν κόσμο.

Τὴν ἄλλη μέρα τὸ πρωὶ ξεκίνησαν γιὰ τὸ σπίτι τοῦ γέρου. Ὁ δρόμος ἦταν μακρὺς καὶ ἡ Μαρία δὲν μίλησε καθόλου σὲ ὅλη τὴ διαδρομή. Ὅταν τὸ αὐτοκίνητο σταμάτησε μπροστὰ στὴν παλιὰ αὐλόπορτα, ἡ καρδιά της χτυποῦσε δυνατά.

—Πατέρα, ψιθύρισε, ἦρθα νὰ σοῦ πῶ κάτι σπουδαῖο. Ὁ γέρος σήκωσε τὰ μάτια ἀπὸ τὴν ἐφημερίδα καὶ τὴν κοίταξε πάνω ἀπὸ τὰ γυαλιά του. Ὕστερα κοίταξε τὸν Ρομπέρτο ποὺ στεκόταν λίγο πιὸ πίσω.

—Τὰ τρία χρόνια δὲν εἶναι λίγα, ἀγάπη μου. Ποιὸς καλύτερα ἀπὸ ἐμένα τὸ ξέρει; Σήμερα ὅμως ὅλα αὐτὰ ἔχουν τελειώσει. Ξέρεις, ἡ ἀπόφασις πάρθηκε. Ἀπὸ τώρα καὶ στὸ ἑξῆς θὰ ζήσουμε μαζὶ χωρὶς φόβους καὶ ἐμπόδια. Ἡ Μαρία τὸν κοίταξε μὲ μάτια ποὺ ἔλαμπαν ἀπὸ εὐτυχία. Δὲν μποροῦσε νὰ πιστέψῃ ὅτι ὅλα ἐκεῖνα ποὺ τόσο καιρὸ ὀνειρευόταν γίνονταν πραγματικότης.

Ἡ νύχτα ἔπεσε σιγὰ σιγὰ πάνω στὴν πόλη. Στοὺς δρόμους ἄναψαν τὰ φανάρια καὶ ὁ κόσμος ἄρχισε νὰ γυρίζῃ στὰ σπίτια του. Ἡ Μαρία στεκόταν στὸ παράθυρο καὶ κοίταζε χωρὶς νὰ βλέπῃ. Στὸ μυαλό της γύριζαν χίλιες σκέψεις.

—Εἶναι ἀλήθεια πὼς μὲ ἀγαπᾷς; ρώτησε ξαφνικά. —Τί ἐρώτησις εἶναι αὐτή; —Θέλω νὰ τ' ἀκούσω ἀκόμη μιὰ φορά. Ἐκεῖνος χαμογέλασε καὶ πλησίασε. —Σ' ἀγαπῶ, Μαρία. Σ' ἀγαπῶ περισσότερο ἀπὸ κάθε τι στὸν κόσμο.

Τὴν ἄλλη μέρα τὸ πρωὶ ξεκίνησαν γιὰ τὸ σπίτι τοῦ γέρου. Ὁ δρόμος ἦταν μακρὺς καὶ ἡ Μαρία δὲν μίλησε καθόλου σὲ ὅλη τὴ διαδρομή. Ὅταν τὸ αὐτοκίνητο σταμάτησε μπροστὰ στὴν παλιὰ αὐλόπορτα, ἡ καρδιά της χτυποῦσε δυνατά.

Ὁ Ρομπέρτο τὴν πῆρε στὴν ἀγκαλιά του καὶ τῆς χάιδεψε τὰ μαλλιά. Ἔξω ὁ ἥλιος ἔδυε πίσω ἀπὸ τοὺς λόφους καὶ τὸ δωμάτιο γέμιζε μὲ ἕνα ρόδινο φῶς. —Ἀκοῦς; εἶπε χαμηλόφωνα. Αὔριο θὰ πᾶμε στὸν πατέρα σου. Πρέπει νὰ μάθῃ κι ἐκεῖνος.

—Ὁ πατέρας μου... Ἡ φωνή της ἔτρεμε. Δὲν ξέρω ἂν θὰ τὸ δεχθῇ. Ἐκεῖνος πάντα πίστευε ὅτι ὁ πρῶτος γάμος μου ἦταν παντοτεινός. —Θὰ τὸ δεχθῇ, ἀπάντησε ἐκεῖνος μὲ σιγουριά. Θὰ δῇ πόσο σ' ἀγαπῶ καὶ θὰ καταλάβῃ.

—Πατέρα, ψιθύρισε, ἦρθα νὰ σοῦ πῶ κάτι σπουδαῖο. Ὁ γέρος σήκωσε τὰ μάτια ἀπὸ τὴν ἐφημερίδα καὶ τὴν κοίταξε πάνω ἀπὸ τὰ γυαλιά του. Ὕστερα κοίταξε τὸν Ρομπέρτο ποὺ στεκόταν λίγο πιὸ πίσω.

—Εἶναι ἀλήθεια πὼς μὲ ἀγαπᾷς; ρώτησε ξαφνικά. —Τί ἐρώτησις εἶναι αὐτή; —Θέλω νὰ τ' ἀκούσω ἀκόμη μιὰ φορά. Ἐκεῖνος χαμογέλασε καὶ πλησίασε. —Σ' ἀγαπῶ, Μαρία. Σ' ἀγαπῶ περισσότερο ἀπὸ κάθε τι στὸν κόσμο.

ΑΥΡΙΟΝ: Ἡ συνέχεια
